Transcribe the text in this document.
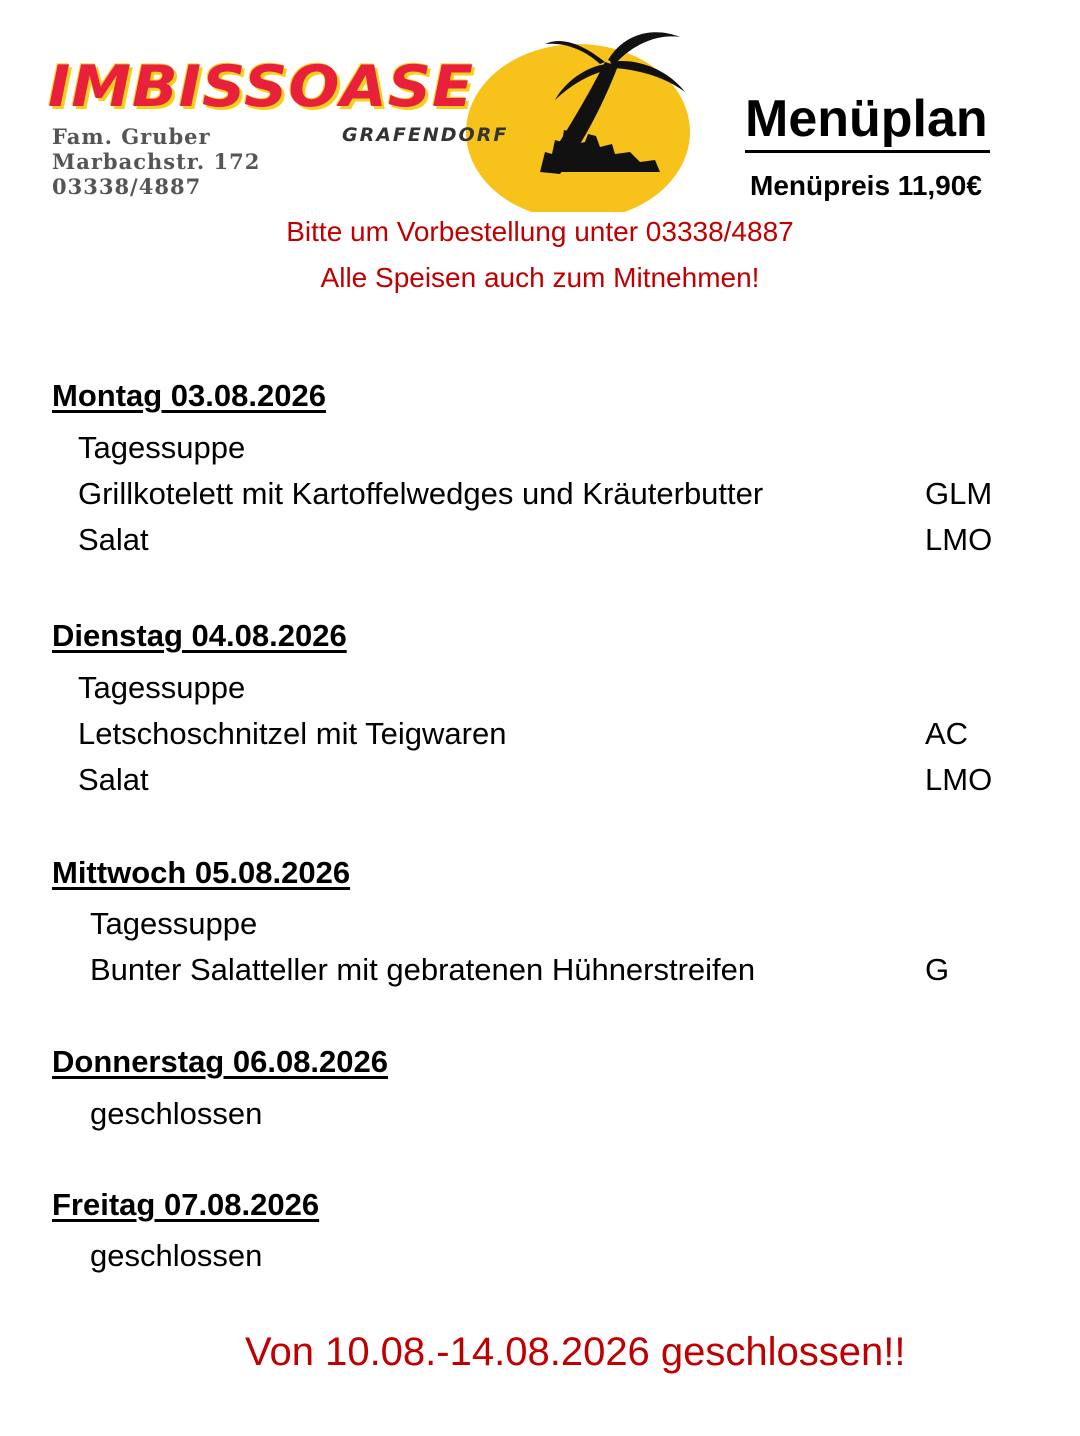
IMBISSOASE
GRAFENDORF
Fam. Gruber
Marbachstr. 172
03338/4887
Menüplan
Menüpreis 11,90€
Bitte um Vorbestellung unter 03338/4887
Alle Speisen auch zum Mitnehmen!
Montag 03.08.2026
Tagessuppe
Grillkotelett mit Kartoffelwedges und Kräuterbutter	GLM
Salat	LMO
Dienstag 04.08.2026
Tagessuppe
Letschoschnitzel mit Teigwaren	AC
Salat	LMO
Mittwoch 05.08.2026
Tagessuppe
Bunter Salatteller mit gebratenen Hühnerstreifen	G
Donnerstag 06.08.2026
geschlossen
Freitag 07.08.2026
geschlossen
Von 10.08.-14.08.2026 geschlossen!!
